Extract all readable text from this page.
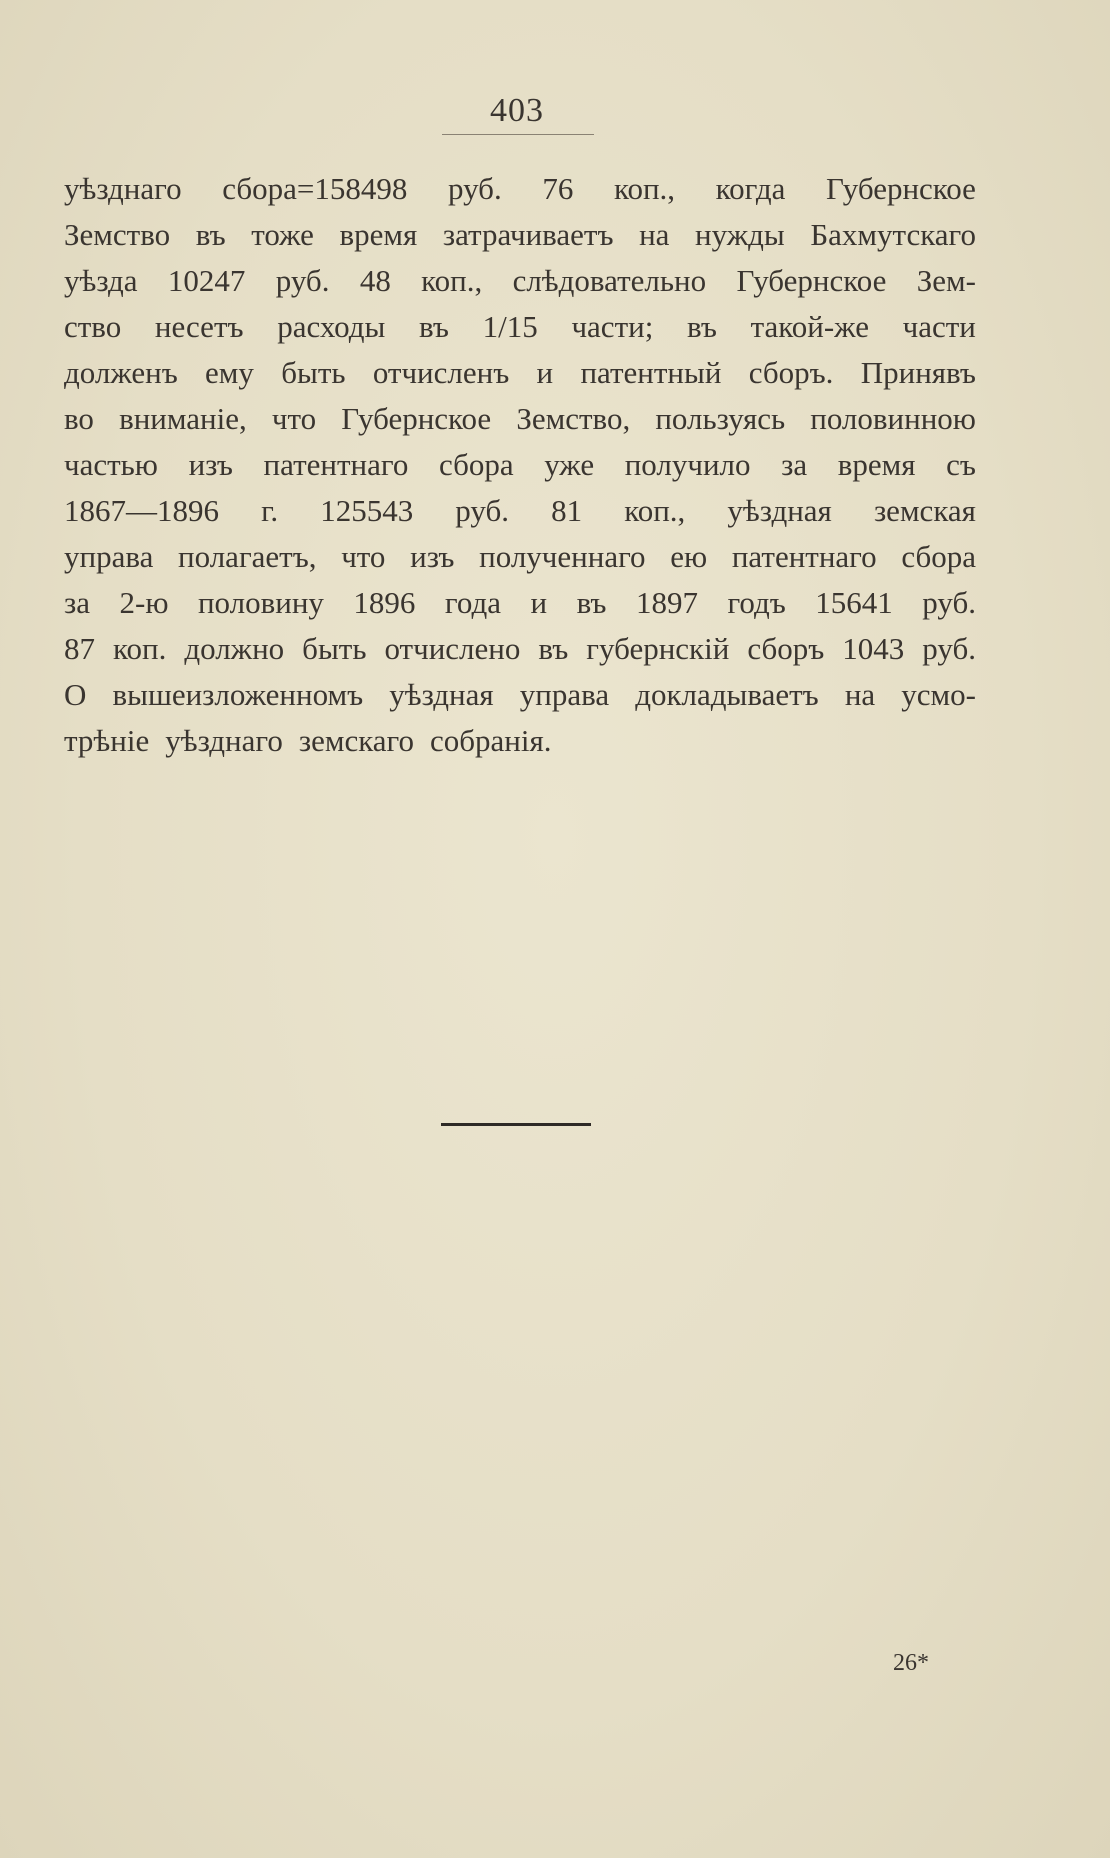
403
уѣзднаго сбора=158498 руб. 76 коп., когда Губернское
Земство въ тоже время затрачиваетъ на нужды Бахмутскаго
уѣзда 10247 руб. 48 коп., слѣдовательно Губернское Зем-
ство несетъ расходы въ 1/15 части; въ такой-же части
долженъ ему быть отчисленъ и патентный сборъ. Принявъ
во вниманіе, что Губернское Земство, пользуясь половинною
частью изъ патентнаго сбора уже получило за время съ
1867—1896 г. 125543 руб. 81 коп., уѣздная земская
управа полагаетъ, что изъ полученнаго ею патентнаго сбора
за 2-ю половину 1896 года и въ 1897 годъ 15641 руб.
87 коп. должно быть отчислено въ губернскій сборъ 1043 руб.
О вышеизложенномъ уѣздная управа докладываетъ на усмо-
трѣніе уѣзднаго земскаго собранія.
26*
